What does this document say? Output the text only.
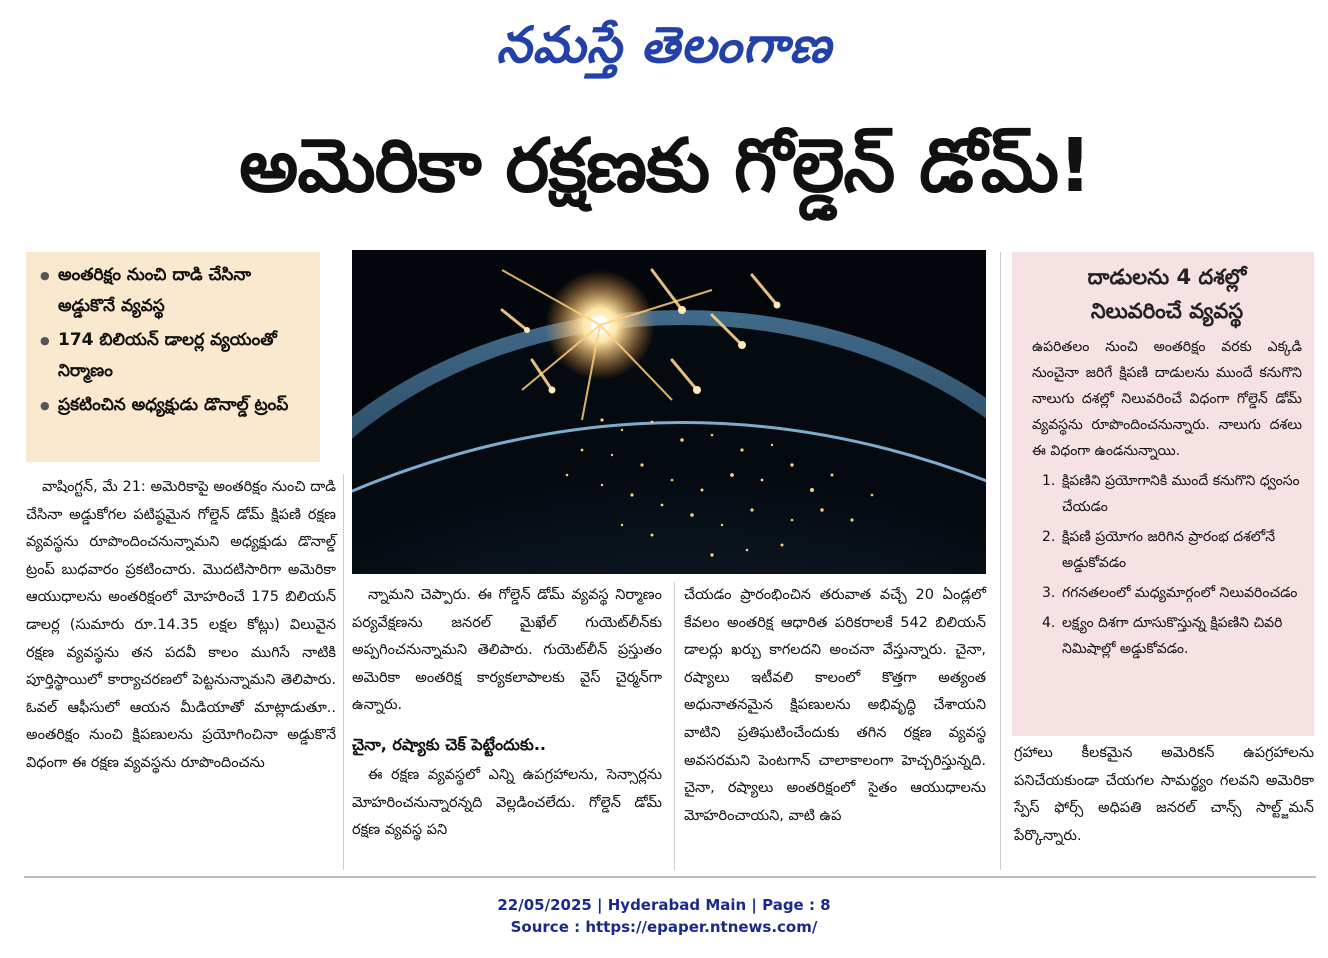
నమస్తే తెలంగాణ
అమెరికా రక్షణకు గోల్డెన్ డోమ్!
● అంతరిక్షం నుంచి దాడి చేసినా అడ్డుకొనే వ్యవస్థ
● 174 బిలియన్ డాలర్ల వ్యయంతో నిర్మాణం
● ప్రకటించిన అధ్యక్షుడు డొనాల్డ్ ట్రంప్
దాడులను 4 దశల్లో
నిలువరించే వ్యవస్థ

ఉపరితలం నుంచి అంతరిక్షం వరకు ఎక్కడి నుంచైనా జరిగే క్షిపణి దాడులను ముందే కనుగొని నాలుగు దశల్లో నిలువరించే విధంగా గోల్డెన్ డోమ్ వ్యవస్థను రూపొందించనున్నారు. నాలుగు దశలు ఈ విధంగా ఉండనున్నాయి.

1. క్షిపణిని ప్రయోగానికి ముందే కనుగొని ధ్వంసం చేయడం
2. క్షిపణి ప్రయోగం జరిగిన ప్రారంభ దశలోనే అడ్డుకోవడం
3. గగనతలంలో మధ్యమార్గంలో నిలువరించడం
4. లక్ష్యం దిశగా దూసుకొస్తున్న క్షిపణిని చివరి నిమిషాల్లో అడ్డుకోవడం.

వాషింగ్టన్, మే 21: అమెరికాపై అంతరిక్షం నుంచి దాడి చేసినా అడ్డుకోగల పటిష్ఠమైన గోల్డెన్ డోమ్ క్షిపణి రక్షణ వ్యవస్థను రూపొందించనున్నామని అధ్యక్షుడు డొనాల్డ్ ట్రంప్ బుధవారం ప్రకటించారు. మొదటిసారిగా అమెరికా ఆయుధాలను అంతరిక్షంలో మోహరించే 175 బిలియన్ డాలర్ల (సుమారు రూ.14.35 లక్షల కోట్లు) విలువైన రక్షణ వ్యవస్థను తన పదవీ కాలం ముగిసే నాటికి పూర్తిస్థాయిలో కార్యాచరణలో పెట్టనున్నామని తెలిపారు. ఓవల్ ఆఫీసులో ఆయన మీడియాతో మాట్లాడుతూ.. అంతరిక్షం నుంచి క్షిపణులను ప్రయోగించినా అడ్డుకొనే విధంగా ఈ రక్షణ వ్యవస్థను రూపొందించను

న్నామని చెప్పారు. ఈ గోల్డెన్ డోమ్ వ్యవస్థ నిర్మాణం పర్యవేక్షణను జనరల్ మైఖేల్ గుయెట్‌లీన్‌కు అప్పగించనున్నామని తెలిపారు. గుయెట్‌లీన్ ప్రస్తుతం అమెరికా అంతరిక్ష కార్యకలాపాలకు వైస్ చైర్మన్‌గా ఉన్నారు.

చైనా, రష్యాకు చెక్ పెట్టేందుకు..

ఈ రక్షణ వ్యవస్థలో ఎన్ని ఉపగ్రహాలను, సెన్సార్లను మోహరించనున్నారన్నది వెల్లడించలేదు. గోల్డెన్ డోమ్ రక్షణ వ్యవస్థ పని

చేయడం ప్రారంభించిన తరువాత వచ్చే 20 ఏండ్లలో కేవలం అంతరిక్ష ఆధారిత పరికరాలకే 542 బిలియన్ డాలర్లు ఖర్చు కాగలదని అంచనా వేస్తున్నారు. చైనా, రష్యాలు ఇటీవలి కాలంలో కొత్తగా అత్యంత అధునాతనమైన క్షిపణులను అభివృద్ధి చేశాయని వాటిని ప్రతిఘటించేందుకు తగిన రక్షణ వ్యవస్థ అవసరమని పెంటగాన్ చాలాకాలంగా హెచ్చరిస్తున్నది. చైనా, రష్యాలు అంతరిక్షంలో సైతం ఆయుధాలను మోహరించాయని, వాటి ఉప

గ్రహాలు కీలకమైన అమెరికన్ ఉపగ్రహాలను పనిచేయకుండా చేయగల సామర్థ్యం గలవని అమెరికా స్పేస్ ఫోర్స్ అధిపతి జనరల్ చాన్స్ సాల్ట్జ్‌మన్ పేర్కొన్నారు.

22/05/2025 | Hyderabad Main | Page : 8
Source : https://epaper.ntnews.com/
